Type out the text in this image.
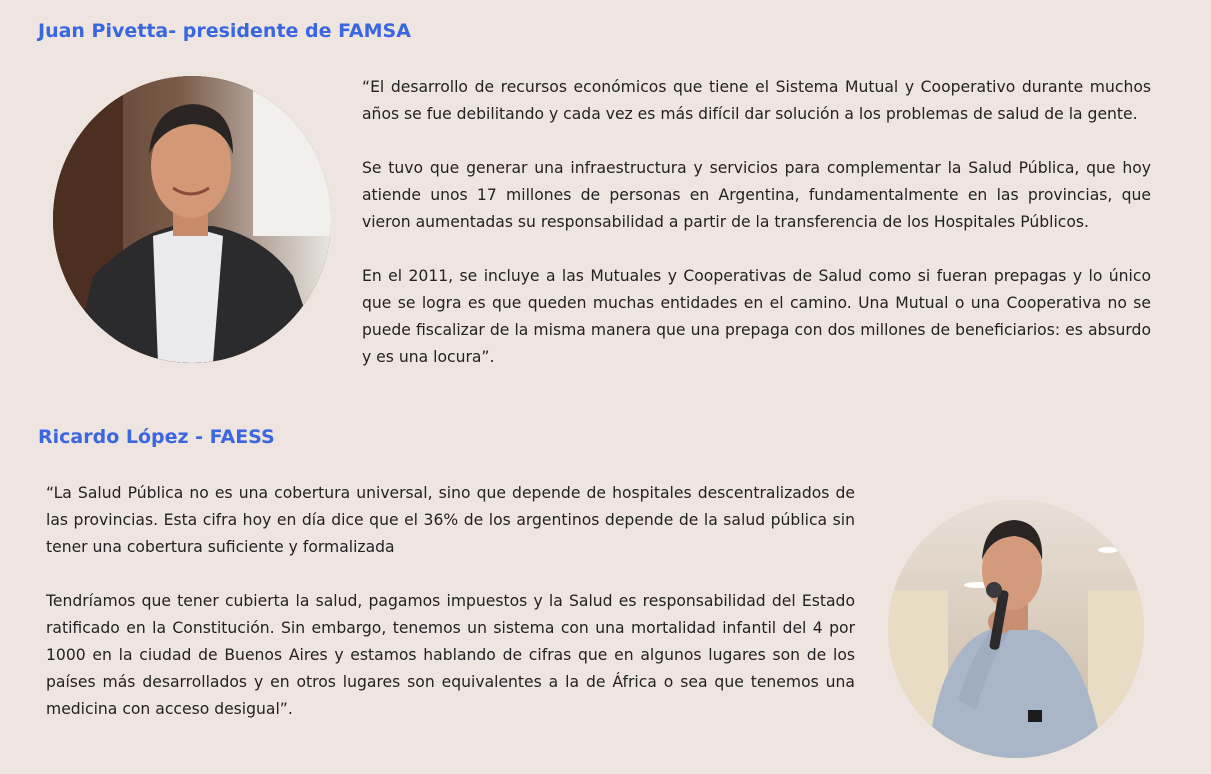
Juan Pivetta- presidente de FAMSA

“El desarrollo de recursos económicos que tiene el Sistema Mutual y Cooperativo durante muchos años se fue debilitando y cada vez es más difícil dar solución a los problemas de salud de la gente.

Se tuvo que generar una infraestructura y servicios para complementar la Salud Pública, que hoy atiende unos 17 millones de personas en Argentina, fundamentalmente en las provincias, que vieron aumentadas su responsabilidad a partir de la transferencia de los Hospitales Públicos.

En el 2011, se incluye a las Mutuales y Cooperativas de Salud como si fueran prepagas y lo único que se logra es que queden muchas entidades en el camino. Una Mutual o una Cooperativa no se puede fiscalizar de la misma manera que una prepaga con dos millones de beneficiarios: es absurdo y es una locura”.

Ricardo López - FAESS

“La Salud Pública no es una cobertura universal, sino que depende de hospitales descentralizados de las provincias. Esta cifra hoy en día dice que el 36% de los argentinos depende de la salud pública sin tener una cobertura suficiente y formalizada

Tendríamos que tener cubierta la salud, pagamos impuestos y la Salud es responsabilidad del Estado ratificado en la Constitución. Sin embargo, tenemos un sistema con una mortalidad infantil del 4 por 1000 en la ciudad de Buenos Aires y estamos hablando de cifras que en algunos lugares son de los países más desarrollados y en otros lugares son equivalentes a la de África o sea que tenemos una medicina con acceso desigual”.
